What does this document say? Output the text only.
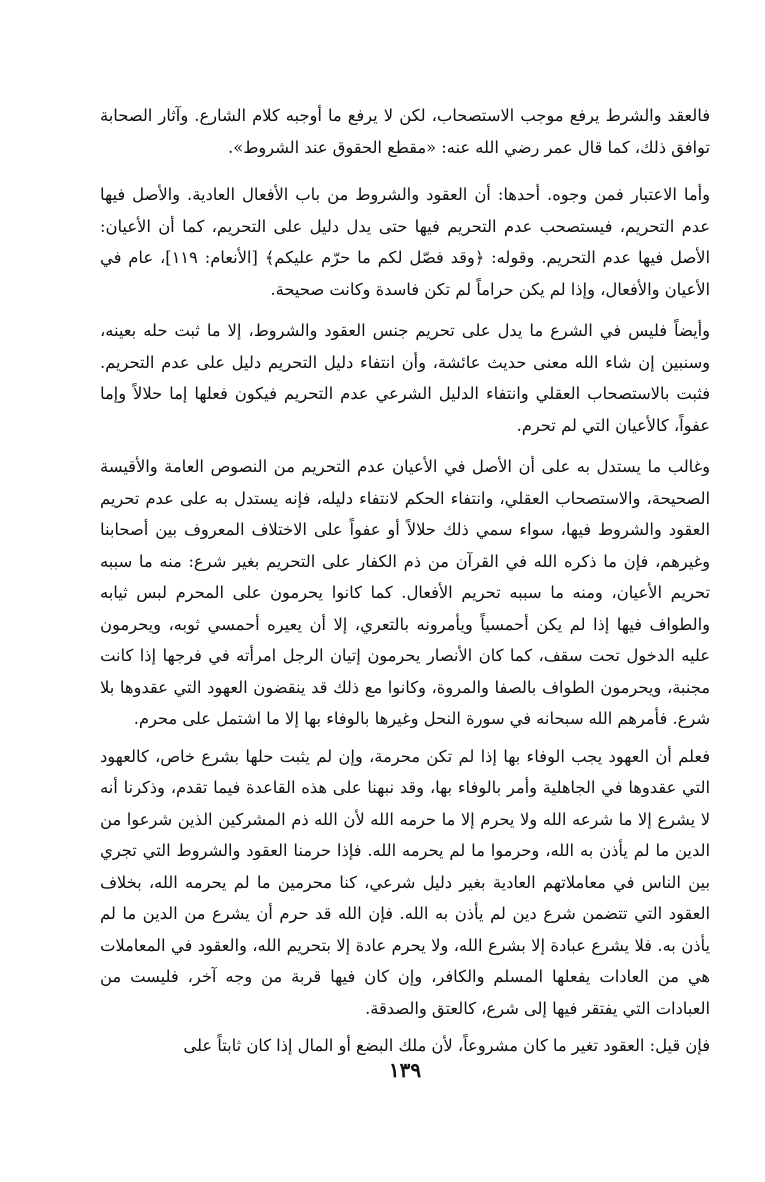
فالعقد والشرط يرفع موجب الاستصحاب، لكن لا يرفع ما أوجبه كلام الشارع. وآثار الصحابة توافق ذلك، كما قال عمر رضي الله عنه: «مقطع الحقوق عند الشروط».

وأما الاعتبار فمن وجوه. أحدها: أن العقود والشروط من باب الأفعال العادية. والأصل فيها عدم التحريم، فيستصحب عدم التحريم فيها حتى يدل دليل على التحريم، كما أن الأعيان: الأصل فيها عدم التحريم. وقوله: ﴿وقد فصّل لكم ما حرّم عليكم﴾ [الأنعام: ١١٩]، عام في الأعيان والأفعال، وإذا لم يكن حراماً لم تكن فاسدة وكانت صحيحة.

وأيضاً فليس في الشرع ما يدل على تحريم جنس العقود والشروط، إلا ما ثبت حله بعينه، وسنبين إن شاء الله معنى حديث عائشة، وأن انتفاء دليل التحريم دليل على عدم التحريم. فثبت بالاستصحاب العقلي وانتفاء الدليل الشرعي عدم التحريم فيكون فعلها إما حلالاً وإما عفواً، كالأعيان التي لم تحرم.

وغالب ما يستدل به على أن الأصل في الأعيان عدم التحريم من النصوص العامة والأقيسة الصحيحة، والاستصحاب العقلي، وانتفاء الحكم لانتفاء دليله، فإنه يستدل به على عدم تحريم العقود والشروط فيها، سواء سمي ذلك حلالاً أو عفواً على الاختلاف المعروف بين أصحابنا وغيرهم، فإن ما ذكره الله في القرآن من ذم الكفار على التحريم بغير شرع: منه ما سببه تحريم الأعيان، ومنه ما سببه تحريم الأفعال. كما كانوا يحرمون على المحرم لبس ثيابه والطواف فيها إذا لم يكن أحمسياً ويأمرونه بالتعري، إلا أن يعيره أحمسي ثوبه، ويحرمون عليه الدخول تحت سقف، كما كان الأنصار يحرمون إتيان الرجل امرأته في فرجها إذا كانت مجنبة، ويحرمون الطواف بالصفا والمروة، وكانوا مع ذلك قد ينقضون العهود التي عقدوها بلا شرع. فأمرهم الله سبحانه في سورة النحل وغيرها بالوفاء بها إلا ما اشتمل على محرم.

فعلم أن العهود يجب الوفاء بها إذا لم تكن محرمة، وإن لم يثبت حلها بشرع خاص، كالعهود التي عقدوها في الجاهلية وأمر بالوفاء بها، وقد نبهنا على هذه القاعدة فيما تقدم، وذكرنا أنه لا يشرع إلا ما شرعه الله ولا يحرم إلا ما حرمه الله لأن الله ذم المشركين الذين شرعوا من الدين ما لم يأذن به الله، وحرموا ما لم يحرمه الله. فإذا حرمنا العقود والشروط التي تجري بين الناس في معاملاتهم العادية بغير دليل شرعي، كنا محرمين ما لم يحرمه الله، بخلاف العقود التي تتضمن شرع دين لم يأذن به الله. فإن الله قد حرم أن يشرع من الدين ما لم يأذن به. فلا يشرع عبادة إلا بشرع الله، ولا يحرم عادة إلا بتحريم الله، والعقود في المعاملات هي من العادات يفعلها المسلم والكافر، وإن كان فيها قربة من وجه آخر، فليست من العبادات التي يفتقر فيها إلى شرع، كالعتق والصدقة.

فإن قيل: العقود تغير ما كان مشروعاً، لأن ملك البضع أو المال إذا كان ثابتاً على

١٣٩
